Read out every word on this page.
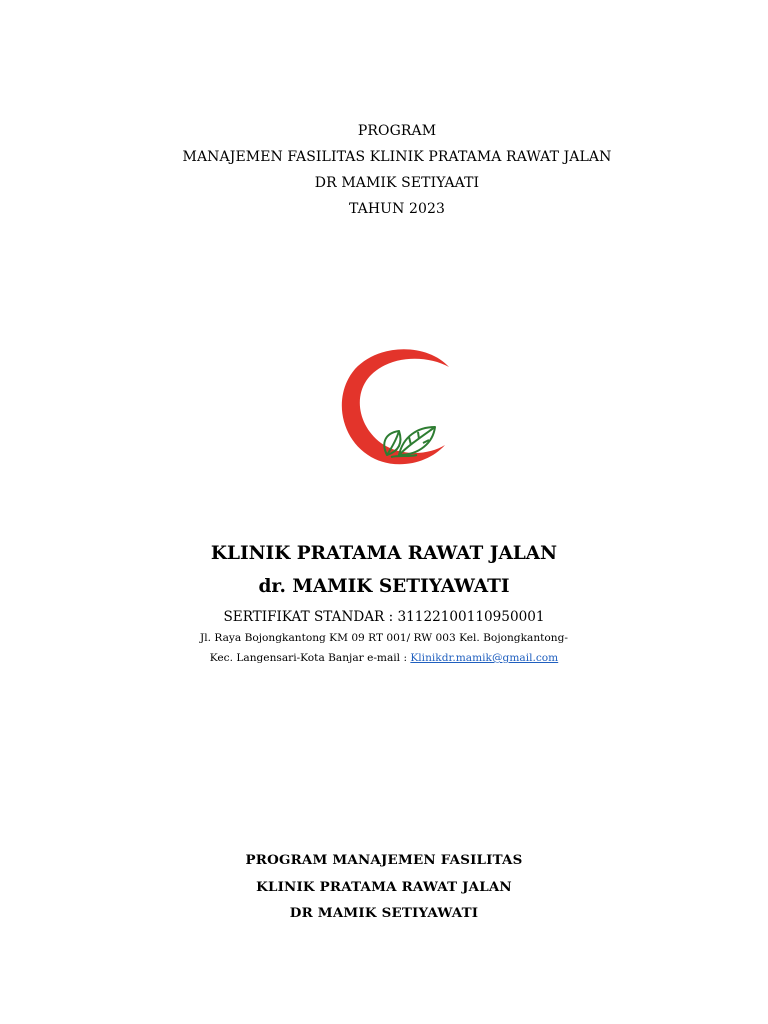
PROGRAM
MANAJEMEN FASILITAS KLINIK PRATAMA RAWAT JALAN
DR MAMIK SETIYAATI
TAHUN 2023
KLINIK PRATAMA RAWAT JALAN
dr. MAMIK SETIYAWATI
SERTIFIKAT STANDAR : 31122100110950001
Jl. Raya Bojongkantong KM 09 RT 001/ RW 003 Kel. Bojongkantong-
Kec. Langensari-Kota Banjar e-mail : Klinikdr.mamik@gmail.com
PROGRAM MANAJEMEN FASILITAS
KLINIK PRATAMA RAWAT JALAN
DR MAMIK SETIYAWATI
